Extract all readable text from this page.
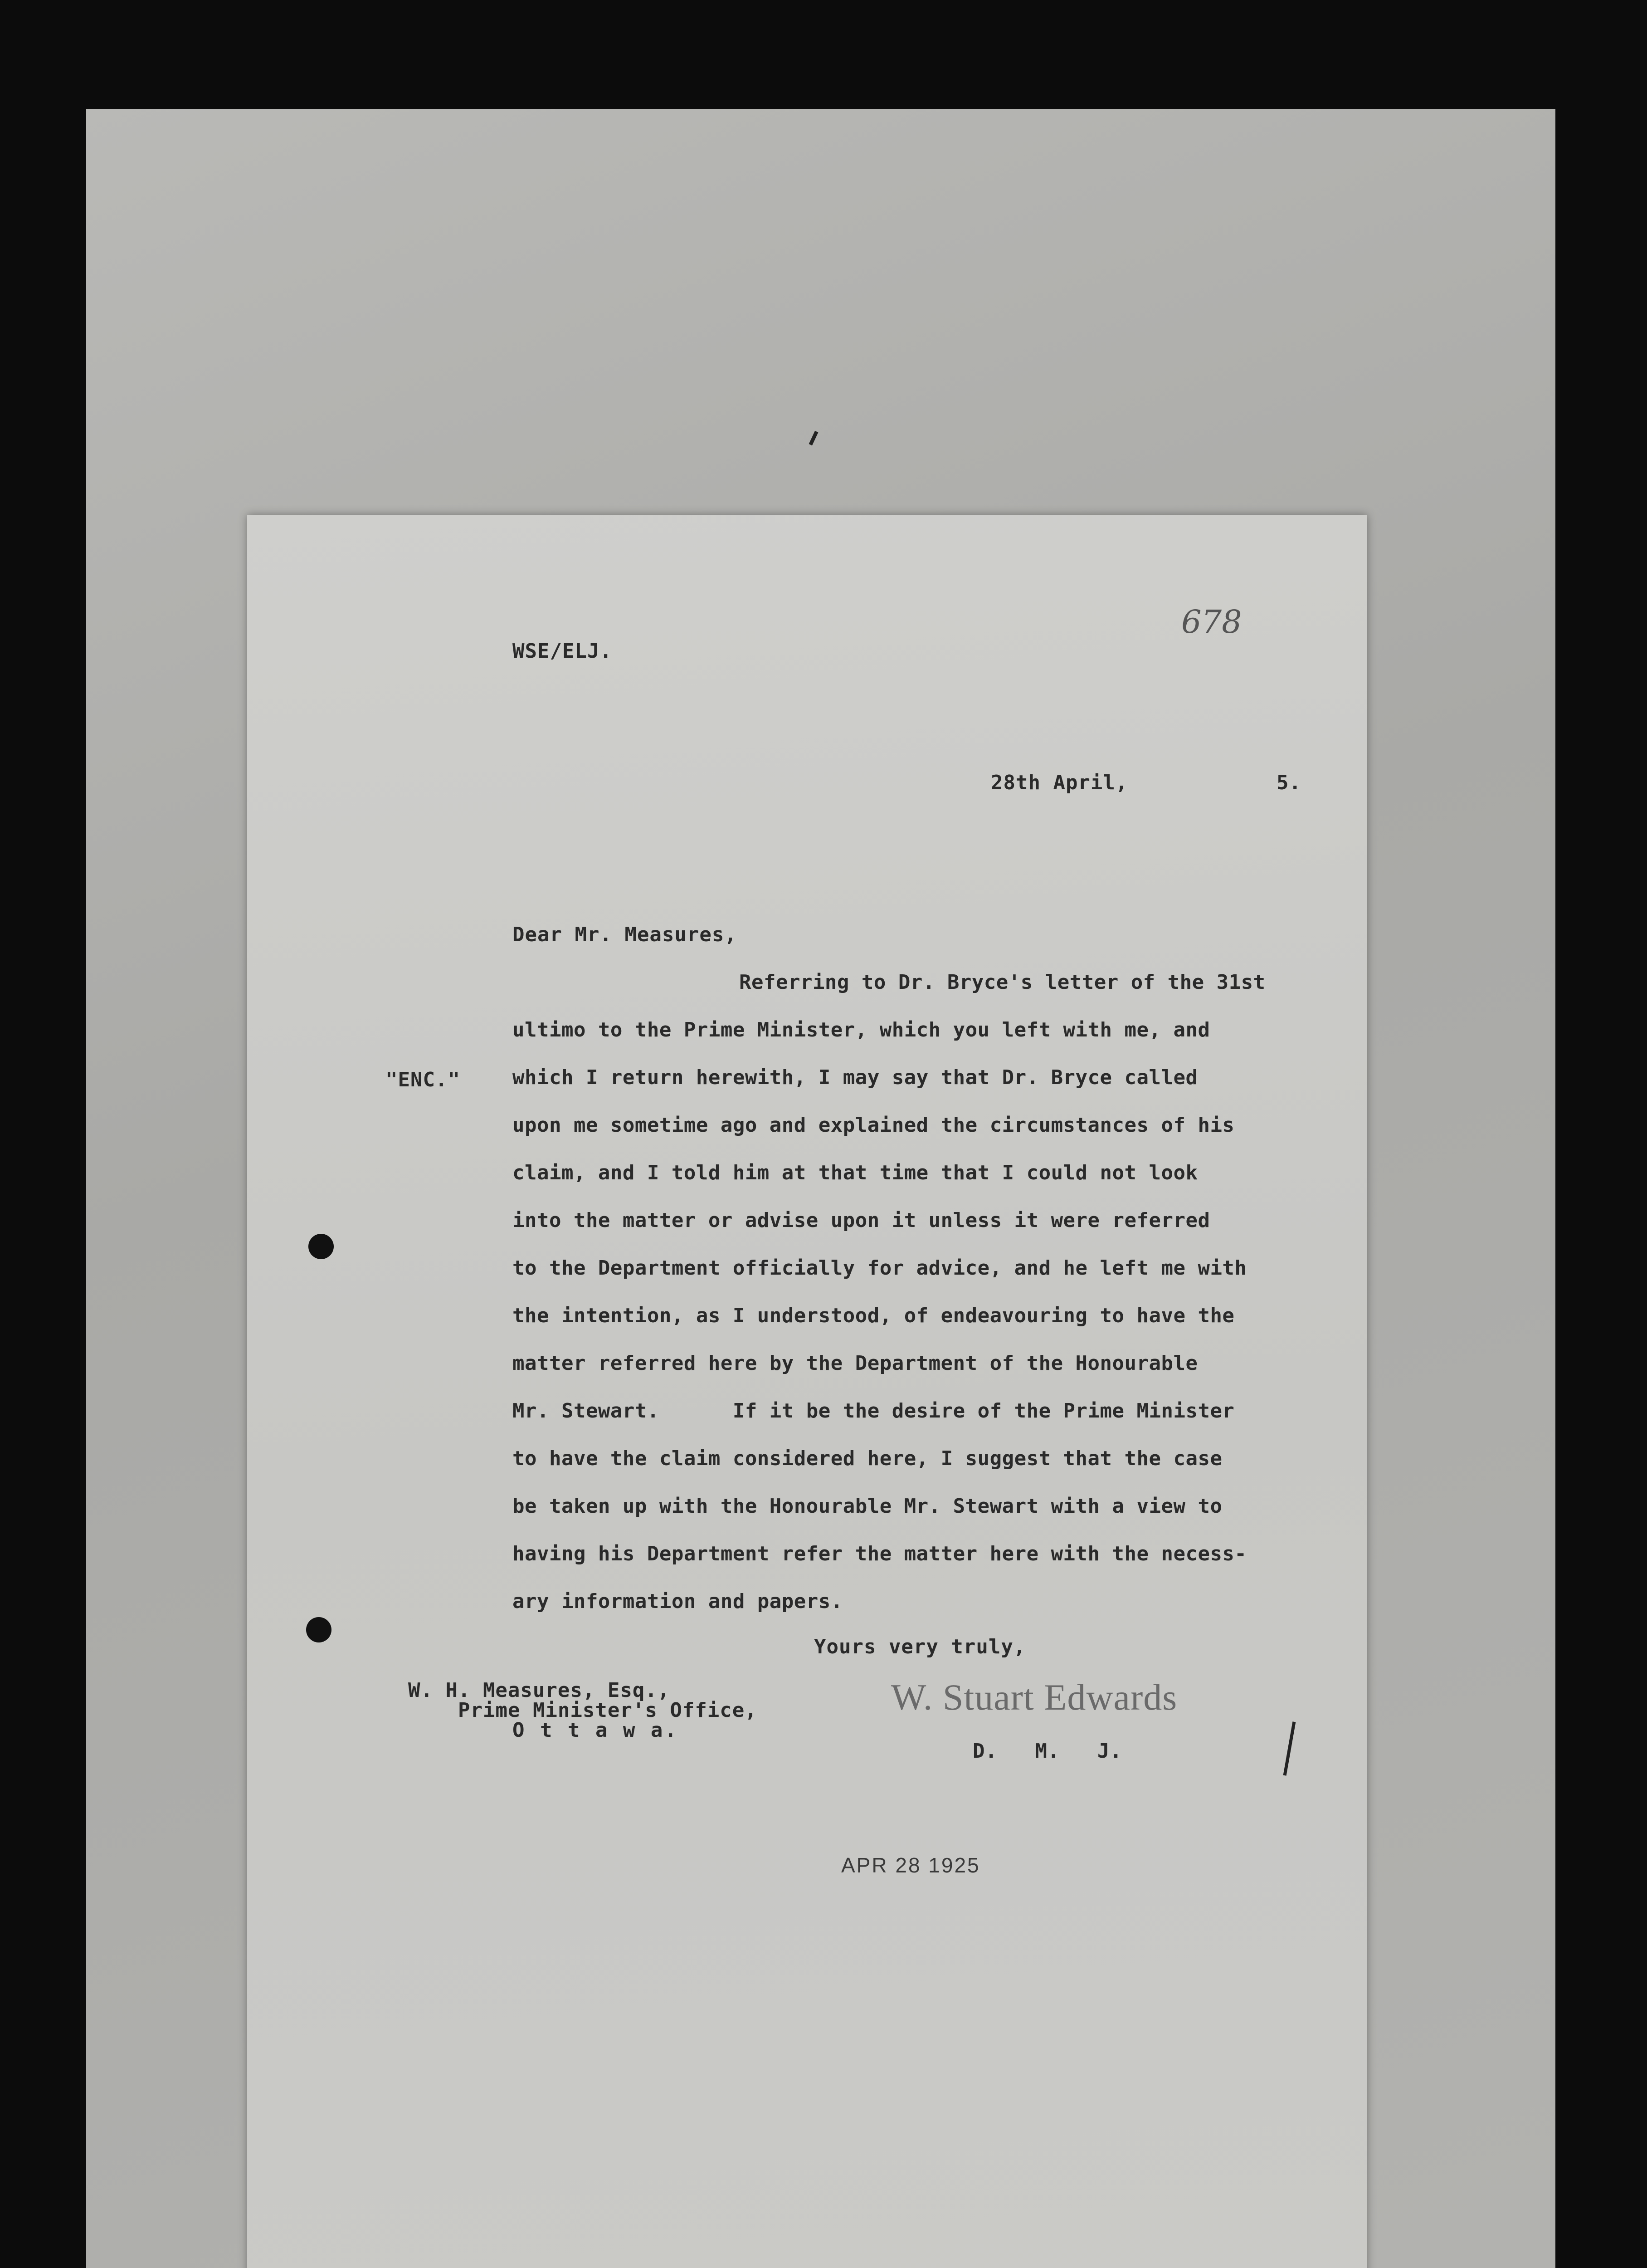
678
WSE/ELJ.
28th April,	5.
Dear Mr. Measures,
"ENC."
Referring to Dr. Bryce's letter of the 31st
ultimo to the Prime Minister, which you left with me, and
which I return herewith, I may say that Dr. Bryce called
upon me sometime ago and explained the circumstances of his
claim, and I told him at that time that I could not look
into the matter or advise upon it unless it were referred
to the Department officially for advice, and he left me with
the intention, as I understood, of endeavouring to have the
matter referred here by the Department of the Honourable
Mr. Stewart.      If it be the desire of the Prime Minister
to have the claim considered here, I suggest that the case
be taken up with the Honourable Mr. Stewart with a view to
having his Department refer the matter here with the necess-
ary information and papers.
Yours very truly,
W. H. Measures, Esq.,
Prime Minister's Office,
O t t a w a.
W. Stuart Edwards
D.   M.   J.
APR 28 1925
